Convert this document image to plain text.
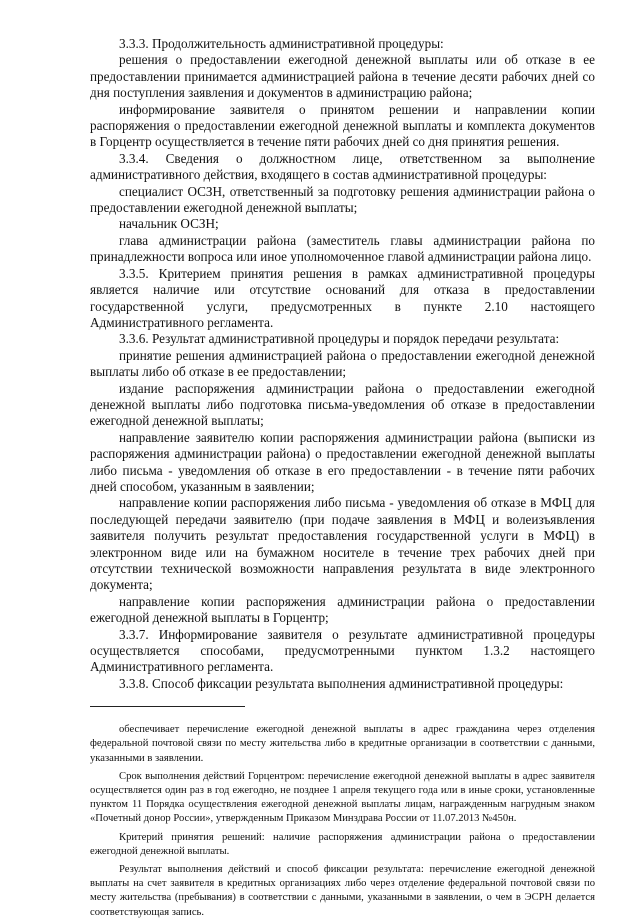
3.3.3. Продолжительность административной процедуры:

решения о предоставлении ежегодной денежной выплаты или об отказе в ее предоставлении принимается администрацией района в течение десяти рабочих дней со дня поступления заявления и документов в администрацию района;

информирование заявителя о принятом решении и направлении копии распоряжения о предоставлении ежегодной денежной выплаты и комплекта документов в Горцентр осуществляется в течение пяти рабочих дней со дня принятия решения.

3.3.4. Сведения о должностном лице, ответственном за выполнение административного действия, входящего в состав административной процедуры:

специалист ОСЗН, ответственный за подготовку решения администрации района о предоставлении ежегодной денежной выплаты;

начальник ОСЗН;

глава администрации района (заместитель главы администрации района по принадлежности вопроса или иное уполномоченное главой администрации района лицо.

3.3.5. Критерием принятия решения в рамках административной процедуры является наличие или отсутствие оснований для отказа в предоставлении государственной услуги, предусмотренных в пункте 2.10 настоящего Административного регламента.

3.3.6. Результат административной процедуры и порядок передачи результата:

принятие решения администрацией района о предоставлении ежегодной денежной выплаты либо об отказе в ее предоставлении;

издание распоряжения администрации района о предоставлении ежегодной денежной выплаты либо подготовка письма-уведомления об отказе в предоставлении ежегодной денежной выплаты;

направление заявителю копии распоряжения администрации района (выписки из распоряжения администрации района) о предоставлении ежегодной денежной выплаты либо письма - уведомления об отказе в его предоставлении - в течение пяти рабочих дней способом, указанным в заявлении;

направление копии распоряжения либо письма - уведомления об отказе в МФЦ для последующей передачи заявителю (при подаче заявления в МФЦ и волеизъявления заявителя получить результат предоставления государственной услуги в МФЦ) в электронном виде или на бумажном носителе в течение трех рабочих дней при отсутствии технической возможности направления результата в виде электронного документа;

направление копии распоряжения администрации района о предоставлении ежегодной денежной выплаты в Горцентр;

3.3.7. Информирование заявителя о результате административной процедуры осуществляется способами, предусмотренными пунктом 1.3.2 настоящего Административного регламента.

3.3.8. Способ фиксации результата выполнения административной процедуры:

обеспечивает перечисление ежегодной денежной выплаты в адрес гражданина через отделения федеральной почтовой связи по месту жительства либо в кредитные организации в соответствии с данными, указанными в заявлении.

Срок выполнения действий Горцентром: перечисление ежегодной денежной выплаты в адрес заявителя осуществляется один раз в год ежегодно, не позднее 1 апреля текущего года или в иные сроки, установленные пунктом 11 Порядка осуществления ежегодной денежной выплаты лицам, награжденным нагрудным знаком «Почетный донор России», утвержденным Приказом Минздрава России от 11.07.2013 №450н.

Критерий принятия решений: наличие распоряжения администрации района о предоставлении ежегодной денежной выплаты.

Результат выполнения действий и способ фиксации результата: перечисление ежегодной денежной выплаты на счет заявителя в кредитных организациях либо через отделение федеральной почтовой связи по месту жительства (пребывания) в соответствии с данными, указанными в заявлении, о чем в ЭСРН делается соответствующая запись.
